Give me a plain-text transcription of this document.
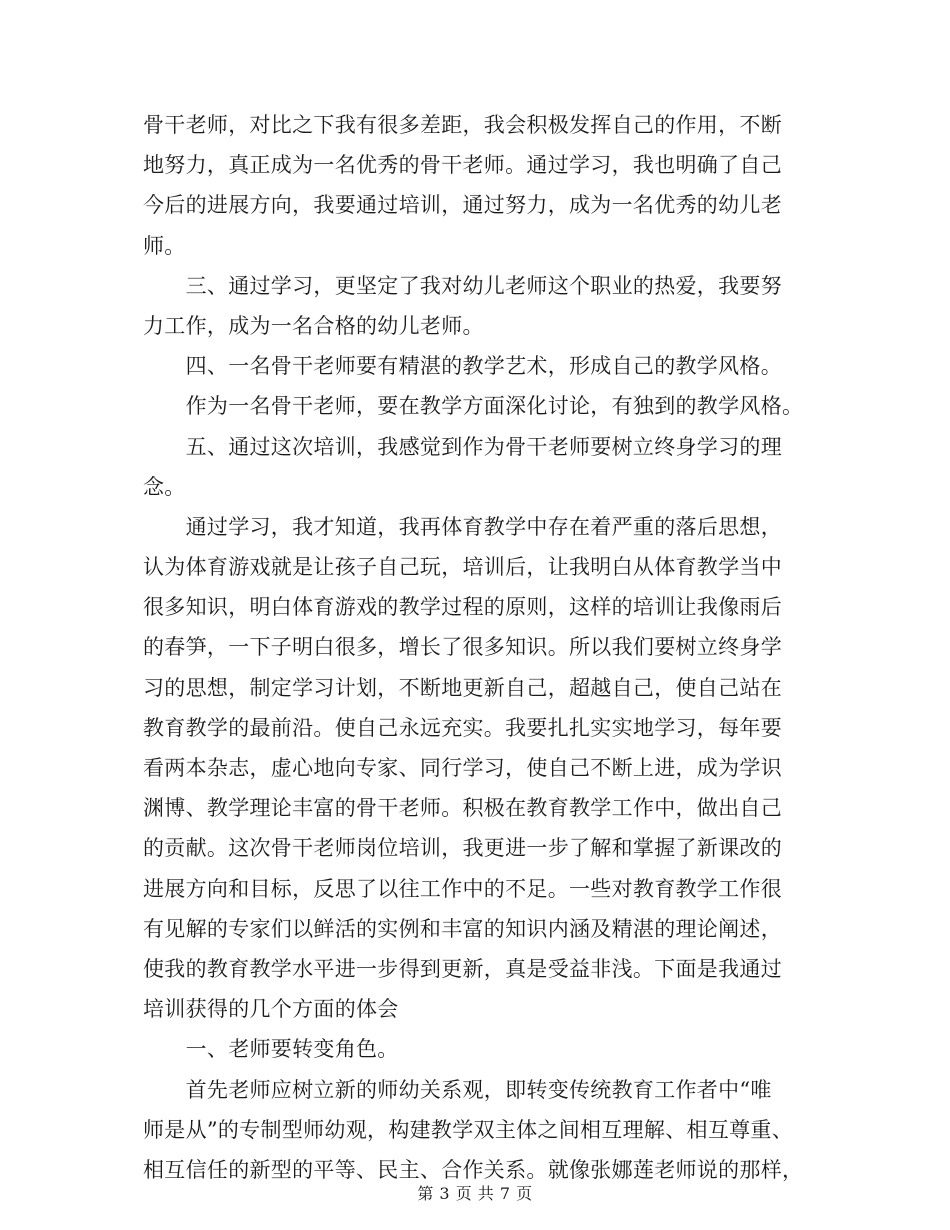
骨干老师，对比之下我有很多差距，我会积极发挥自己的作用，不断
地努力，真正成为一名优秀的骨干老师。通过学习，我也明确了自己
今后的进展方向，我要通过培训，通过努力，成为一名优秀的幼儿老
师。
　　三、通过学习，更坚定了我对幼儿老师这个职业的热爱，我要努
力工作，成为一名合格的幼儿老师。
　　四、一名骨干老师要有精湛的教学艺术，形成自己的教学风格。
　　作为一名骨干老师，要在教学方面深化讨论，有独到的教学风格。
　　五、通过这次培训，我感觉到作为骨干老师要树立终身学习的理
念。
　　通过学习，我才知道，我再体育教学中存在着严重的落后思想，
认为体育游戏就是让孩子自己玩，培训后，让我明白从体育教学当中
很多知识，明白体育游戏的教学过程的原则，这样的培训让我像雨后
的春笋，一下子明白很多，增长了很多知识。所以我们要树立终身学
习的思想，制定学习计划，不断地更新自己，超越自己，使自己站在
教育教学的最前沿。使自己永远充实。我要扎扎实实地学习，每年要
看两本杂志，虚心地向专家、同行学习，使自己不断上进，成为学识
渊博、教学理论丰富的骨干老师。积极在教育教学工作中，做出自己
的贡献。这次骨干老师岗位培训，我更进一步了解和掌握了新课改的
进展方向和目标，反思了以往工作中的不足。一些对教育教学工作很
有见解的专家们以鲜活的实例和丰富的知识内涵及精湛的理论阐述，
使我的教育教学水平进一步得到更新，真是受益非浅。下面是我通过
培训获得的几个方面的体会
　　一、老师要转变角色。
　　首先老师应树立新的师幼关系观，即转变传统教育工作者中“唯
师是从”的专制型师幼观，构建教学双主体之间相互理解、相互尊重、
相互信任的新型的平等、民主、合作关系。就像张娜莲老师说的那样，
第 3 页 共 7 页
